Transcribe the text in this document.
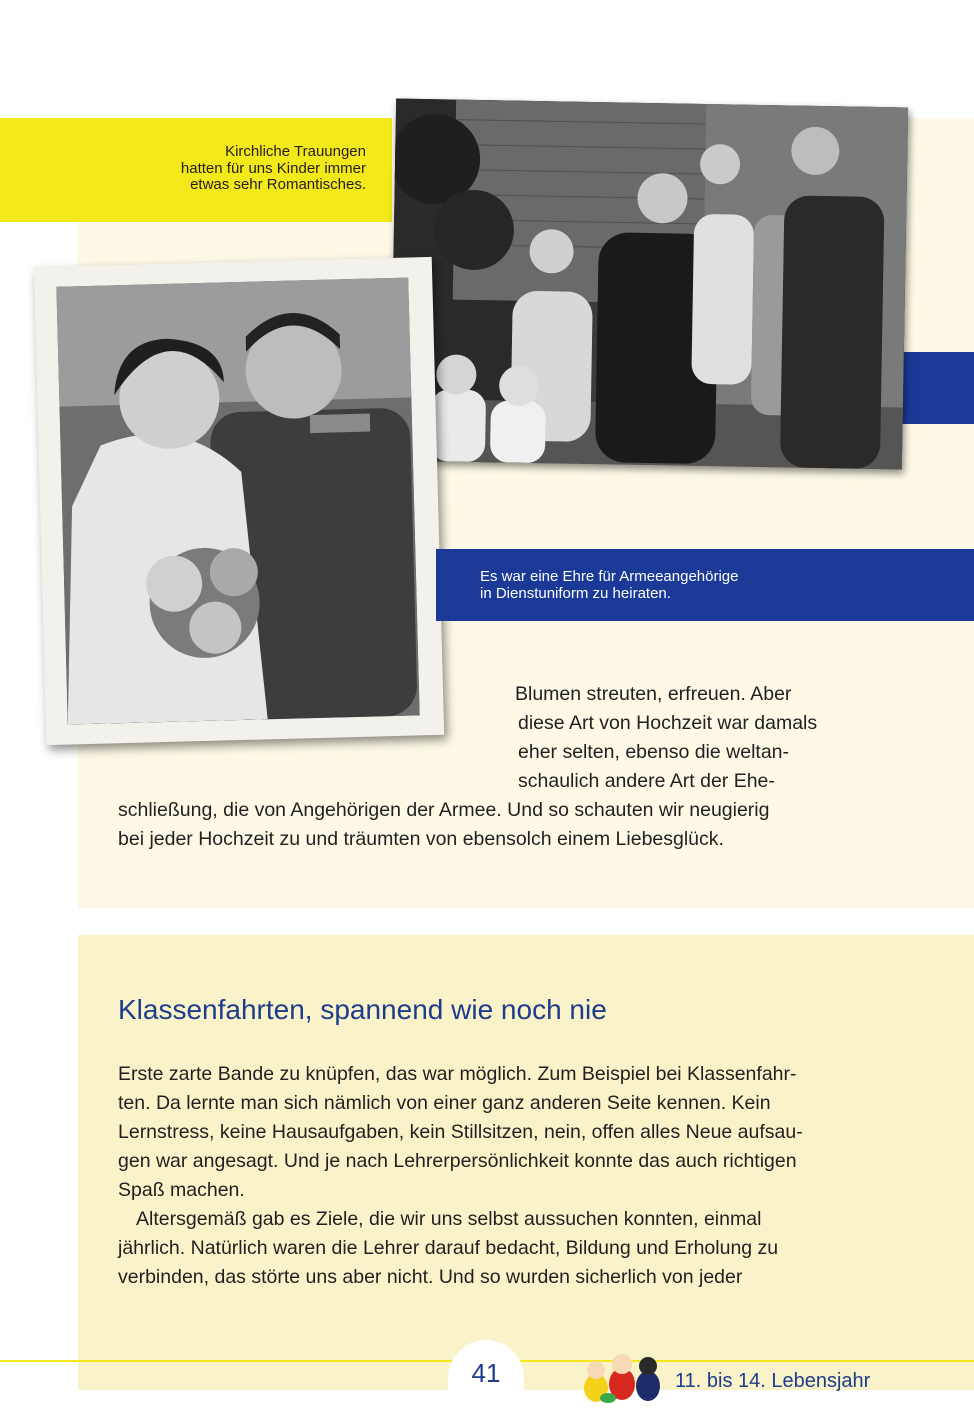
Kirchliche Trauungen
hatten für uns Kinder immer
etwas sehr Romantisches.
Es war eine Ehre für Armeeangehörige
in Dienstuniform zu heiraten.
Blumen streuten, erfreuen. Aber
diese Art von Hochzeit war damals
eher selten, ebenso die weltan-
schaulich andere Art der Ehe-
schließung, die von Angehörigen der Armee. Und so schauten wir neugierig
bei jeder Hochzeit zu und träumten von ebensolch einem Liebesglück.
Klassenfahrten, spannend wie noch nie
Erste zarte Bande zu knüpfen, das war möglich. Zum Beispiel bei Klassenfahr-
ten. Da lernte man sich nämlich von einer ganz anderen Seite kennen. Kein
Lernstress, keine Hausaufgaben, kein Stillsitzen, nein, offen alles Neue aufsau-
gen war angesagt. Und je nach Lehrerpersönlichkeit konnte das auch richtigen
Spaß machen.
Altersgemäß gab es Ziele, die wir uns selbst aussuchen konnten, einmal
jährlich. Natürlich waren die Lehrer darauf bedacht, Bildung und Erholung zu
verbinden, das störte uns aber nicht. Und so wurden sicherlich von jeder
41	11. bis 14. Lebensjahr
